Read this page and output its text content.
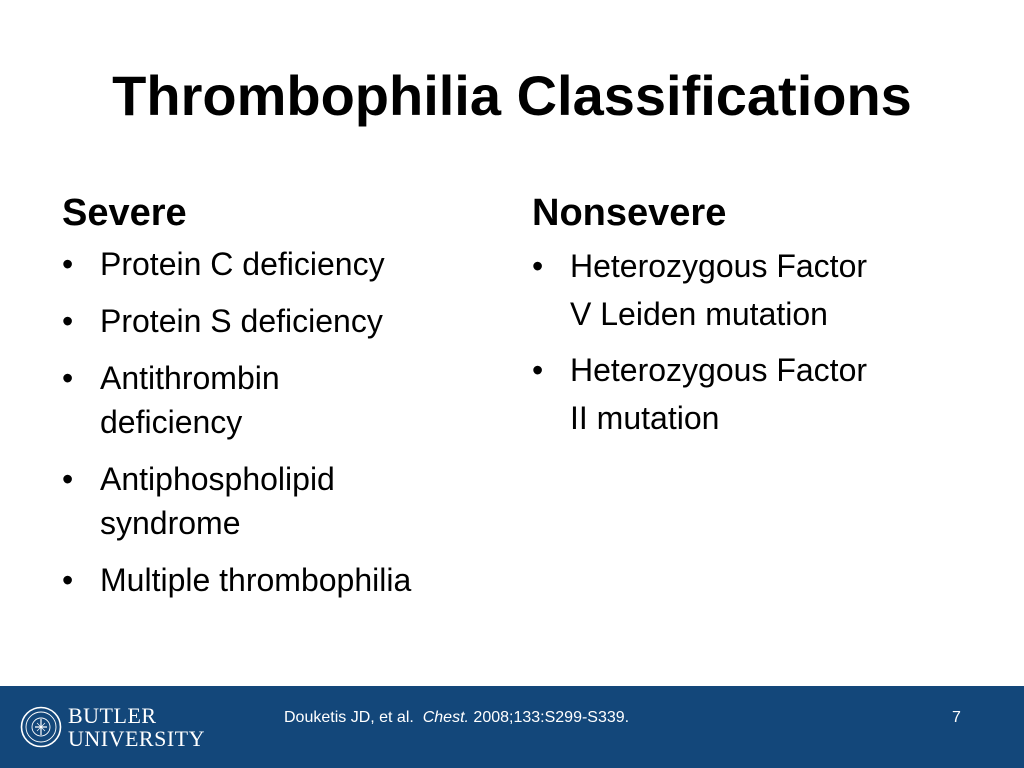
Thrombophilia Classifications

Severe

• Protein C deficiency
• Protein S deficiency
• Antithrombin
deficiency
• Antiphospholipid
syndrome
• Multiple thrombophilia

Nonsevere

• Heterozygous Factor
V Leiden mutation
• Heterozygous Factor
II mutation
BUTLER
UNIVERSITY
Douketis JD, et al.  Chest. 2008;133:S299-S339.	7
